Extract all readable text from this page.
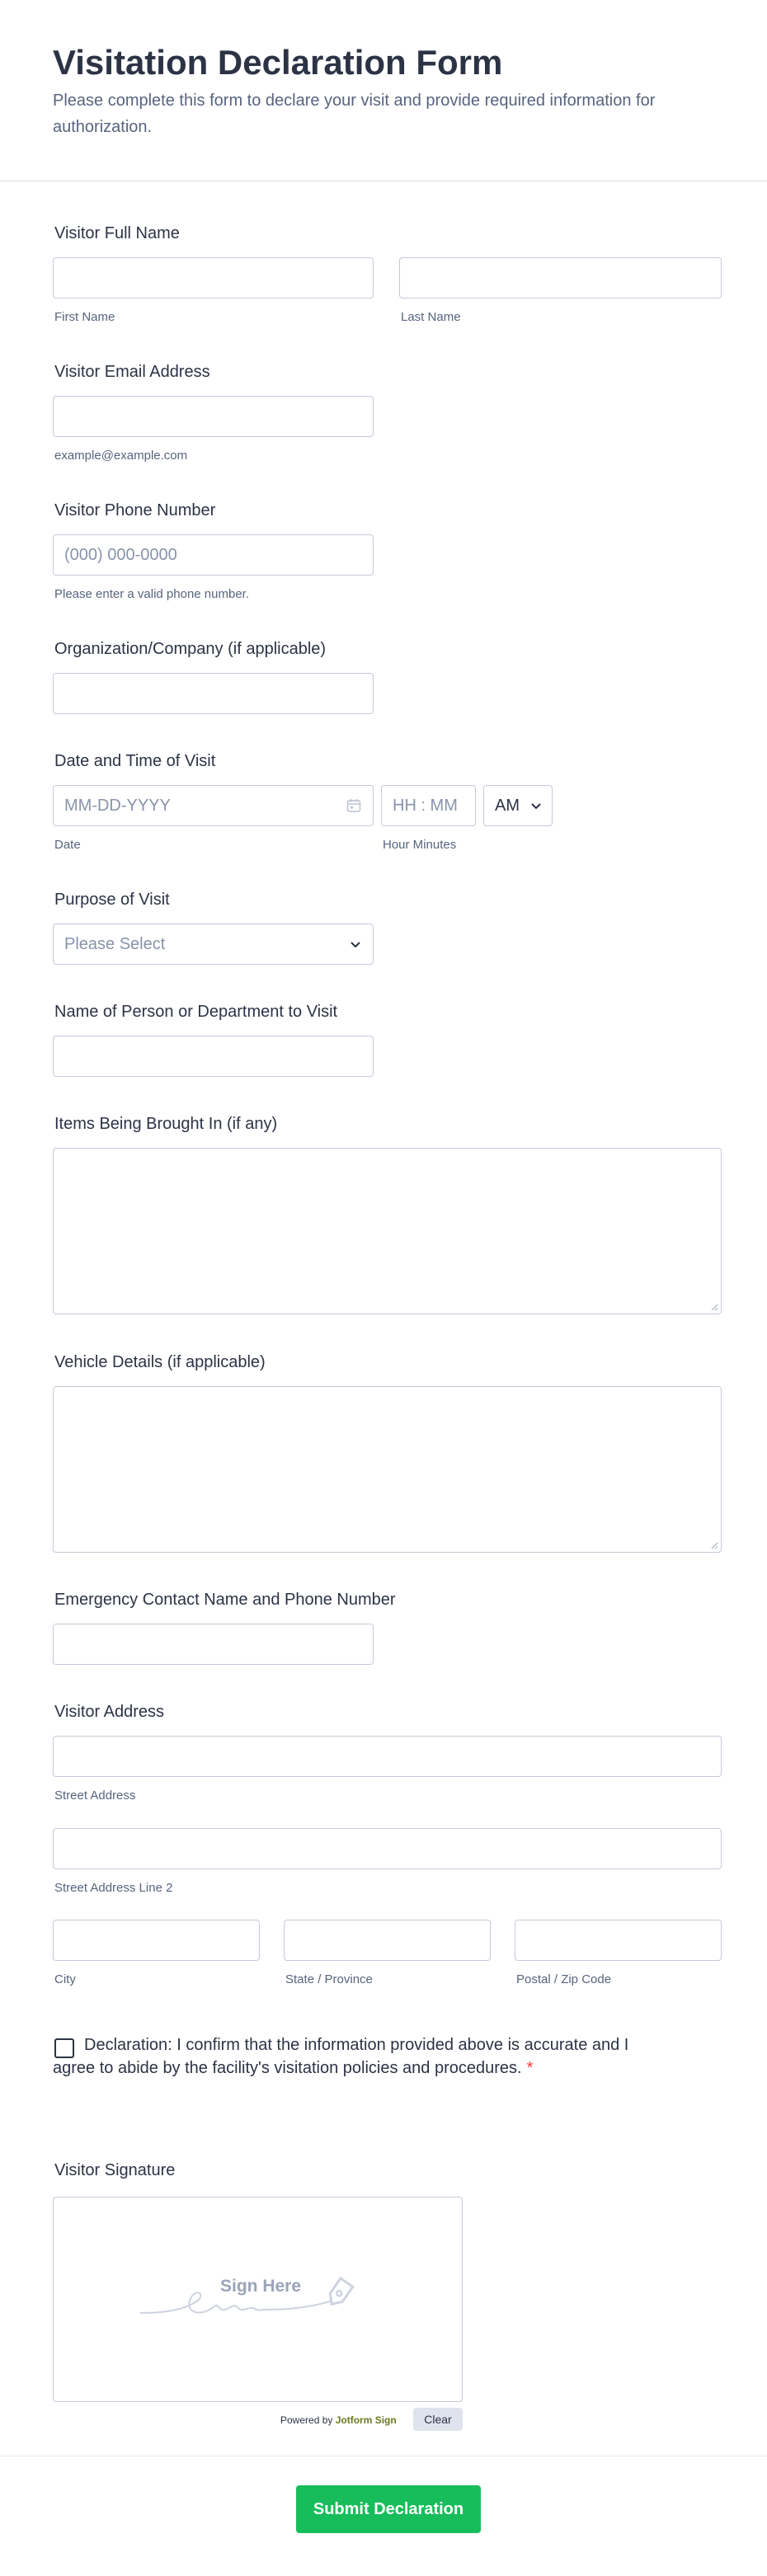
Visitation Declaration Form
Please complete this form to declare your visit and provide required information for authorization.
Visitor Full Name
First Name	Last Name
Visitor Email Address
example@example.com
Visitor Phone Number
(000) 000-0000
Please enter a valid phone number.
Organization/Company (if applicable)
Date and Time of Visit
MM-DD-YYYY	HH : MM AM
Date	Hour Minutes
Purpose of Visit
Please Select
Name of Person or Department to Visit
Items Being Brought In (if any)
Vehicle Details (if applicable)
Emergency Contact Name and Phone Number
Visitor Address
Street Address
Street Address Line 2
City	State / Province	Postal / Zip Code
Declaration: I confirm that the information provided above is accurate and I agree to abide by the facility's visitation policies and procedures. *
Visitor Signature
Sign Here
Powered by Jotform Sign	Clear
Submit Declaration
